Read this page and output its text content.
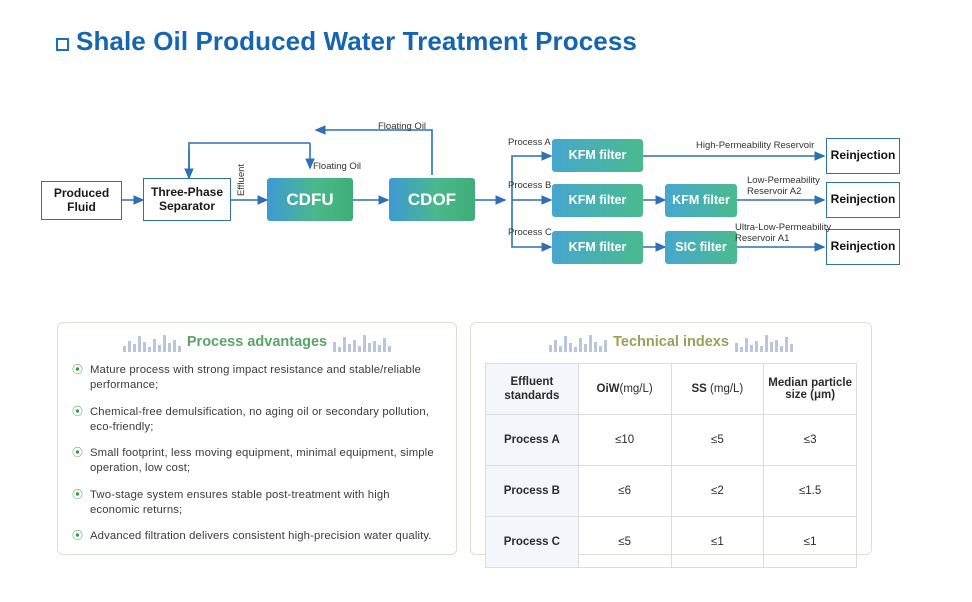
Shale Oil Produced Water Treatment Process
Produced
Fluid
Three-Phase
Separator	CDFU	CDOF
KFM filter
KFM filter	KFM filter
KFM filter	SIC filter
Reinjection
Reinjection
Reinjection
Floating Oil
Floating Oil
Effluent
Process A
Process B
Process C
High-Permeability Reservoir
Low-Permeability
Reservoir A2
Ultra-Low-Permeability
Reservoir A1
Process advantages
⦿ Mature process with strong impact resistance and stable/reliable performance;
⦿ Chemical-free demulsification, no aging oil or secondary pollution, eco-friendly;
⦿ Small footprint, less moving equipment, minimal equipment, simple operation, low cost;
⦿ Two-stage system ensures stable post-treatment with high economic returns;
⦿ Advanced filtration delivers consistent high-precision water quality.
Technical indexs
Effluent
standards	OiW(mg/L)	SS (mg/L)	Median particle
size (μm)
Process A	≤10	≤5	≤3
Process B	≤6	≤2	≤1.5
Process C	≤5	≤1	≤1
